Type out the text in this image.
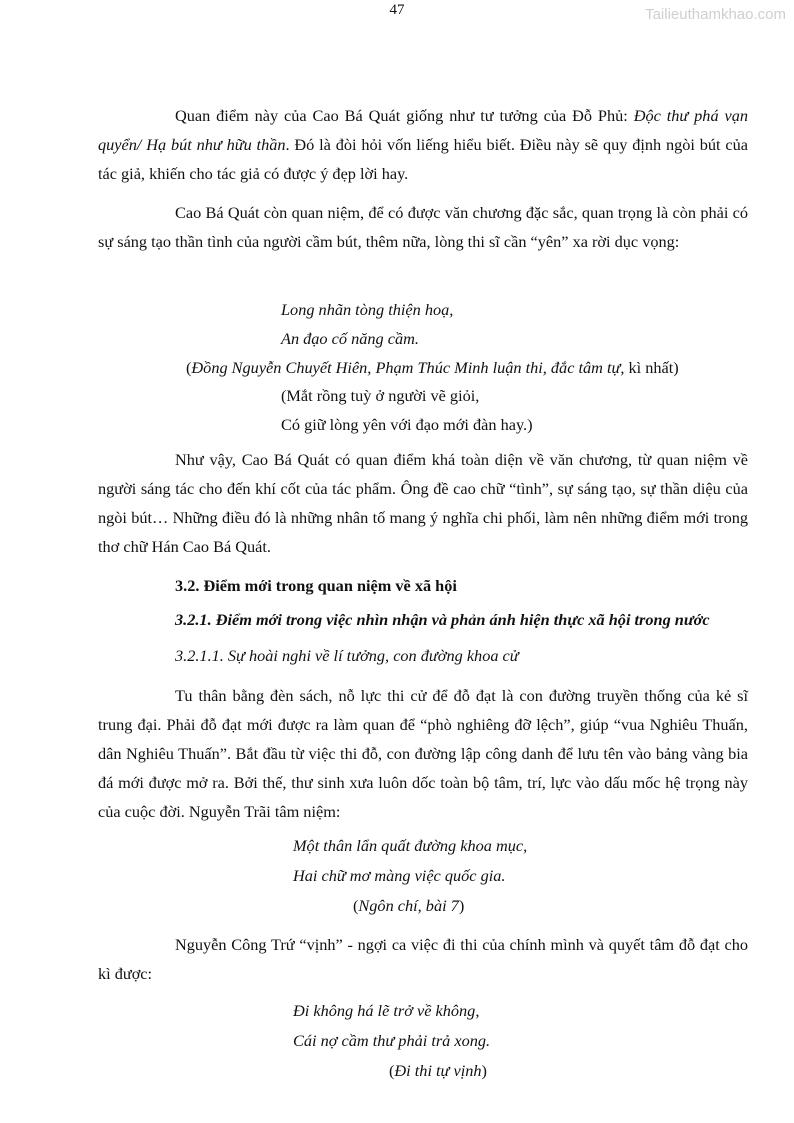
47	Tailieuthamkhao.com

Quan điểm này của Cao Bá Quát giống như tư tưởng của Đỗ Phủ: Độc thư phá vạn quyển/ Hạ bút như hữu thần. Đó là đòi hỏi vốn liếng hiểu biết. Điều này sẽ quy định ngòi bút của tác giả, khiến cho tác giả có được ý đẹp lời hay.

Cao Bá Quát còn quan niệm, để có được văn chương đặc sắc, quan trọng là còn phải có sự sáng tạo thần tình của người cầm bút, thêm nữa, lòng thi sĩ cần “yên” xa rời dục vọng:

Long nhãn tòng thiện hoạ,
An đạo cố năng cầm.
(Đồng Nguyễn Chuyết Hiên, Phạm Thúc Minh luận thi, đắc tâm tự, kì nhất)
(Mắt rồng tuỳ ở người vẽ giỏi,
Có giữ lòng yên với đạo mới đàn hay.)

Như vậy, Cao Bá Quát có quan điểm khá toàn diện về văn chương, từ quan niệm về người sáng tác cho đến khí cốt của tác phẩm. Ông đề cao chữ “tình”, sự sáng tạo, sự thần diệu của ngòi bút… Những điều đó là những nhân tố mang ý nghĩa chi phối, làm nên những điểm mới trong thơ chữ Hán Cao Bá Quát.

3.2. Điểm mới trong quan niệm về xã hội
3.2.1. Điểm mới trong việc nhìn nhận và phản ánh hiện thực xã hội trong nước
3.2.1.1. Sự hoài nghi về lí tưởng, con đường khoa cử

Tu thân bằng đèn sách, nỗ lực thi cử để đỗ đạt là con đường truyền thống của kẻ sĩ trung đại. Phải đỗ đạt mới được ra làm quan để “phò nghiêng đỡ lệch”, giúp “vua Nghiêu Thuấn, dân Nghiêu Thuấn”. Bắt đầu từ việc thi đỗ, con đường lập công danh để lưu tên vào bảng vàng bia đá mới được mở ra. Bởi thế, thư sinh xưa luôn dốc toàn bộ tâm, trí, lực vào dấu mốc hệ trọng này của cuộc đời. Nguyễn Trãi tâm niệm:

Một thân lẩn quất đường khoa mục,
Hai chữ mơ màng việc quốc gia.
(Ngôn chí, bài 7)

Nguyễn Công Trứ “vịnh” - ngợi ca việc đi thi của chính mình và quyết tâm đỗ đạt cho kì được:

Đi không há lẽ trở về không,
Cái nợ cầm thư phải trả xong.
(Đi thi tự vịnh)
